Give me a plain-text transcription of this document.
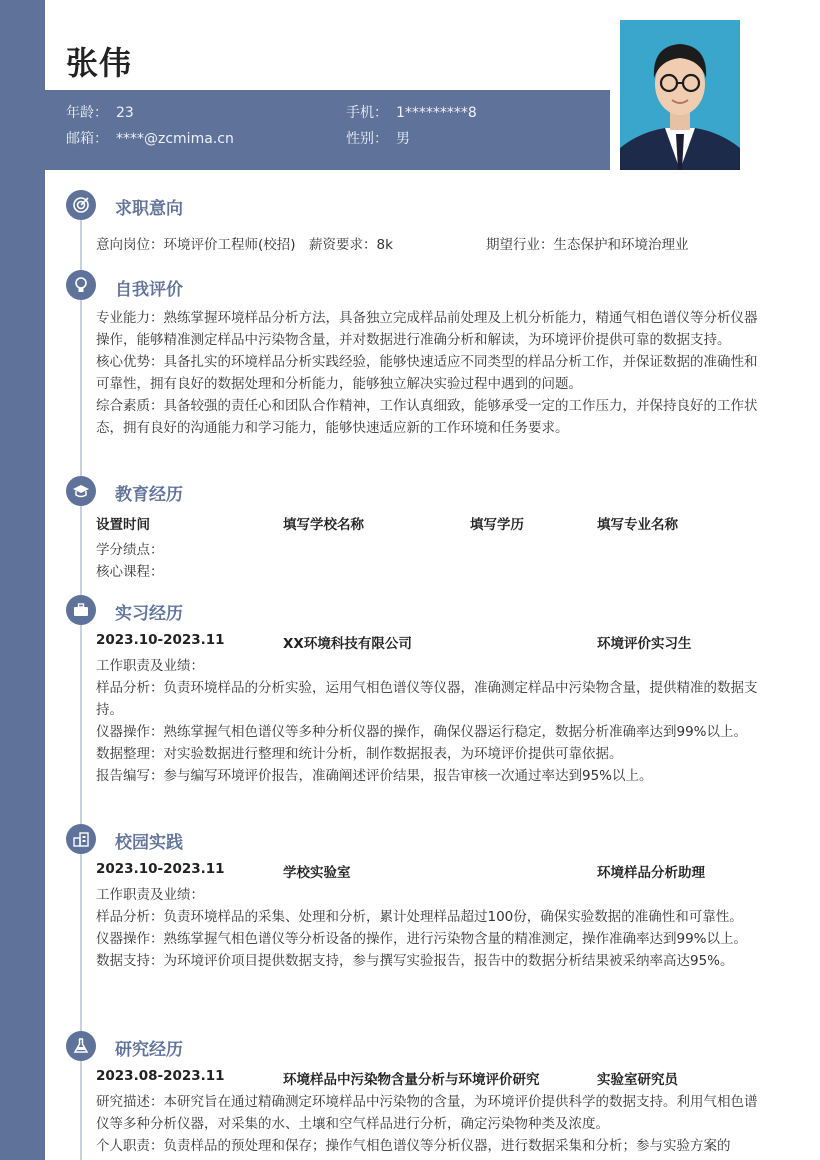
张伟
年龄： 23	手机： 1*********8
邮箱： ****@zcmima.cn	性别： 男
求职意向
意向岗位：环境评价工程师(校招) 薪资要求：8k	期望行业：生态保护和环境治理业
自我评价
专业能力：熟练掌握环境样品分析方法，具备独立完成样品前处理及上机分析能力，精通气相色谱仪等分析仪器操作，能够精准测定样品中污染物含量，并对数据进行准确分析和解读，为环境评价提供可靠的数据支持。
核心优势：具备扎实的环境样品分析实践经验，能够快速适应不同类型的样品分析工作，并保证数据的准确性和可靠性，拥有良好的数据处理和分析能力，能够独立解决实验过程中遇到的问题。
综合素质：具备较强的责任心和团队合作精神，工作认真细致，能够承受一定的工作压力，并保持良好的工作状态，拥有良好的沟通能力和学习能力，能够快速适应新的工作环境和任务要求。
教育经历
设置时间	填写学校名称	填写学历	填写专业名称
学分绩点：
核心课程：
实习经历
2023.10-2023.11	XX环境科技有限公司	环境评价实习生
工作职责及业绩：
样品分析：负责环境样品的分析实验，运用气相色谱仪等仪器，准确测定样品中污染物含量，提供精准的数据支持。
仪器操作：熟练掌握气相色谱仪等多种分析仪器的操作，确保仪器运行稳定，数据分析准确率达到99%以上。
数据整理：对实验数据进行整理和统计分析，制作数据报表，为环境评价提供可靠依据。
报告编写：参与编写环境评价报告，准确阐述评价结果，报告审核一次通过率达到95%以上。
校园实践
2023.10-2023.11	学校实验室	环境样品分析助理
工作职责及业绩：
样品分析：负责环境样品的采集、处理和分析，累计处理样品超过100份，确保实验数据的准确性和可靠性。
仪器操作：熟练掌握气相色谱仪等分析设备的操作，进行污染物含量的精准测定，操作准确率达到99%以上。
数据支持：为环境评价项目提供数据支持，参与撰写实验报告，报告中的数据分析结果被采纳率高达95%。
研究经历
2023.08-2023.11	环境样品中污染物含量分析与环境评价研究	实验室研究员
研究描述：本研究旨在通过精确测定环境样品中污染物的含量，为环境评价提供科学的数据支持。利用气相色谱仪等多种分析仪器，对采集的水、土壤和空气样品进行分析，确定污染物种类及浓度。
个人职责：负责样品的预处理和保存；操作气相色谱仪等分析仪器，进行数据采集和分析；参与实验方案的
